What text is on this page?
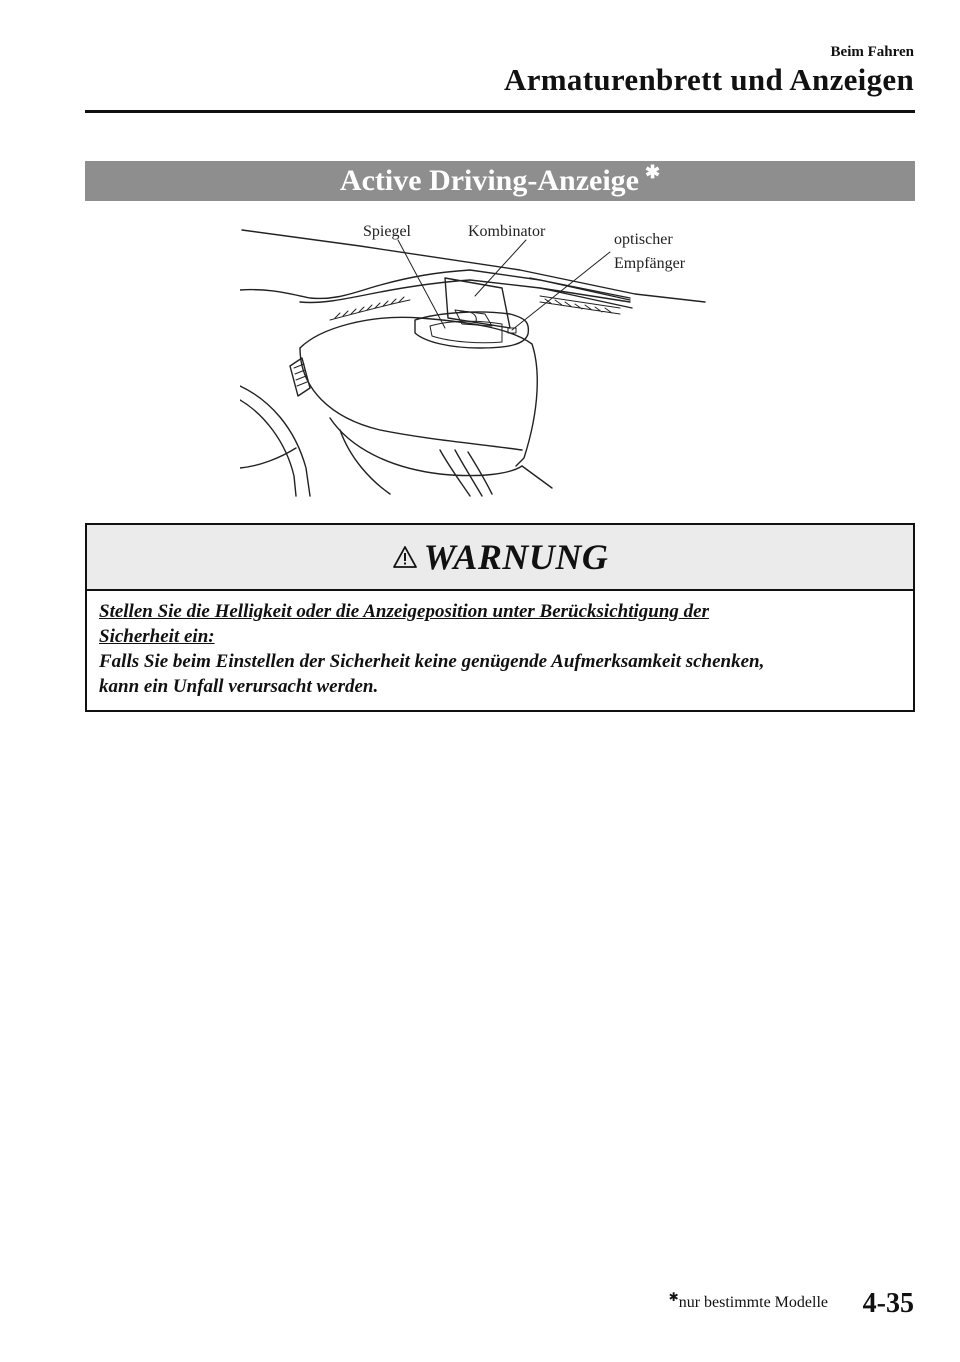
Beim Fahren
Armaturenbrett und Anzeigen
Active Driving-Anzeige ✱
Spiegel	Kombinator	optischer
Empfänger
WARNUNG
Stellen Sie die Helligkeit oder die Anzeigeposition unter Berücksichtigung der
Sicherheit ein:
Falls Sie beim Einstellen der Sicherheit keine genügende Aufmerksamkeit schenken,
kann ein Unfall verursacht werden.
✱nur bestimmte Modelle 4-35
